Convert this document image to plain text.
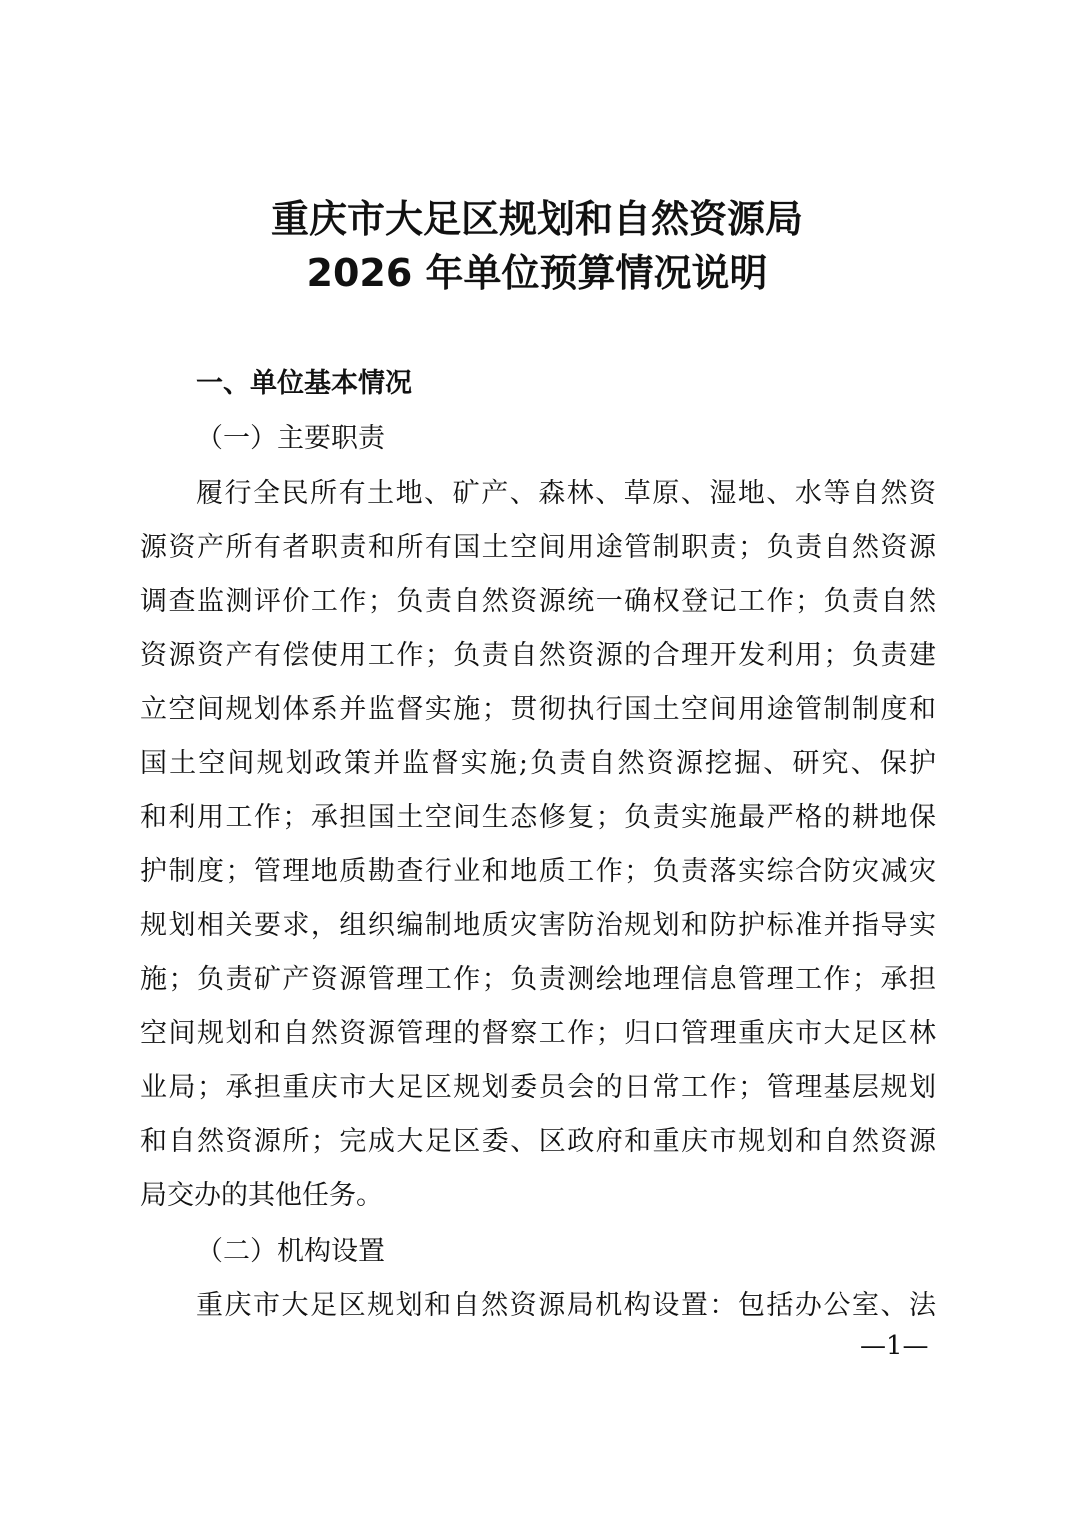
重庆市大足区规划和自然资源局
2026 年单位预算情况说明
一、单位基本情况
（一）主要职责
履行全民所有土地、矿产、森林、草原、湿地、水等自然资
源资产所有者职责和所有国土空间用途管制职责；负责自然资源
调查监测评价工作；负责自然资源统一确权登记工作；负责自然
资源资产有偿使用工作；负责自然资源的合理开发利用；负责建
立空间规划体系并监督实施；贯彻执行国土空间用途管制制度和
国土空间规划政策并监督实施;负责自然资源挖掘、研究、保护
和利用工作；承担国土空间生态修复；负责实施最严格的耕地保
护制度；管理地质勘查行业和地质工作；负责落实综合防灾减灾
规划相关要求，组织编制地质灾害防治规划和防护标准并指导实
施；负责矿产资源管理工作；负责测绘地理信息管理工作；承担
空间规划和自然资源管理的督察工作；归口管理重庆市大足区林
业局；承担重庆市大足区规划委员会的日常工作；管理基层规划
和自然资源所；完成大足区委、区政府和重庆市规划和自然资源
局交办的其他任务。
（二）机构设置
重庆市大足区规划和自然资源局机构设置：包括办公室、法
—1—
